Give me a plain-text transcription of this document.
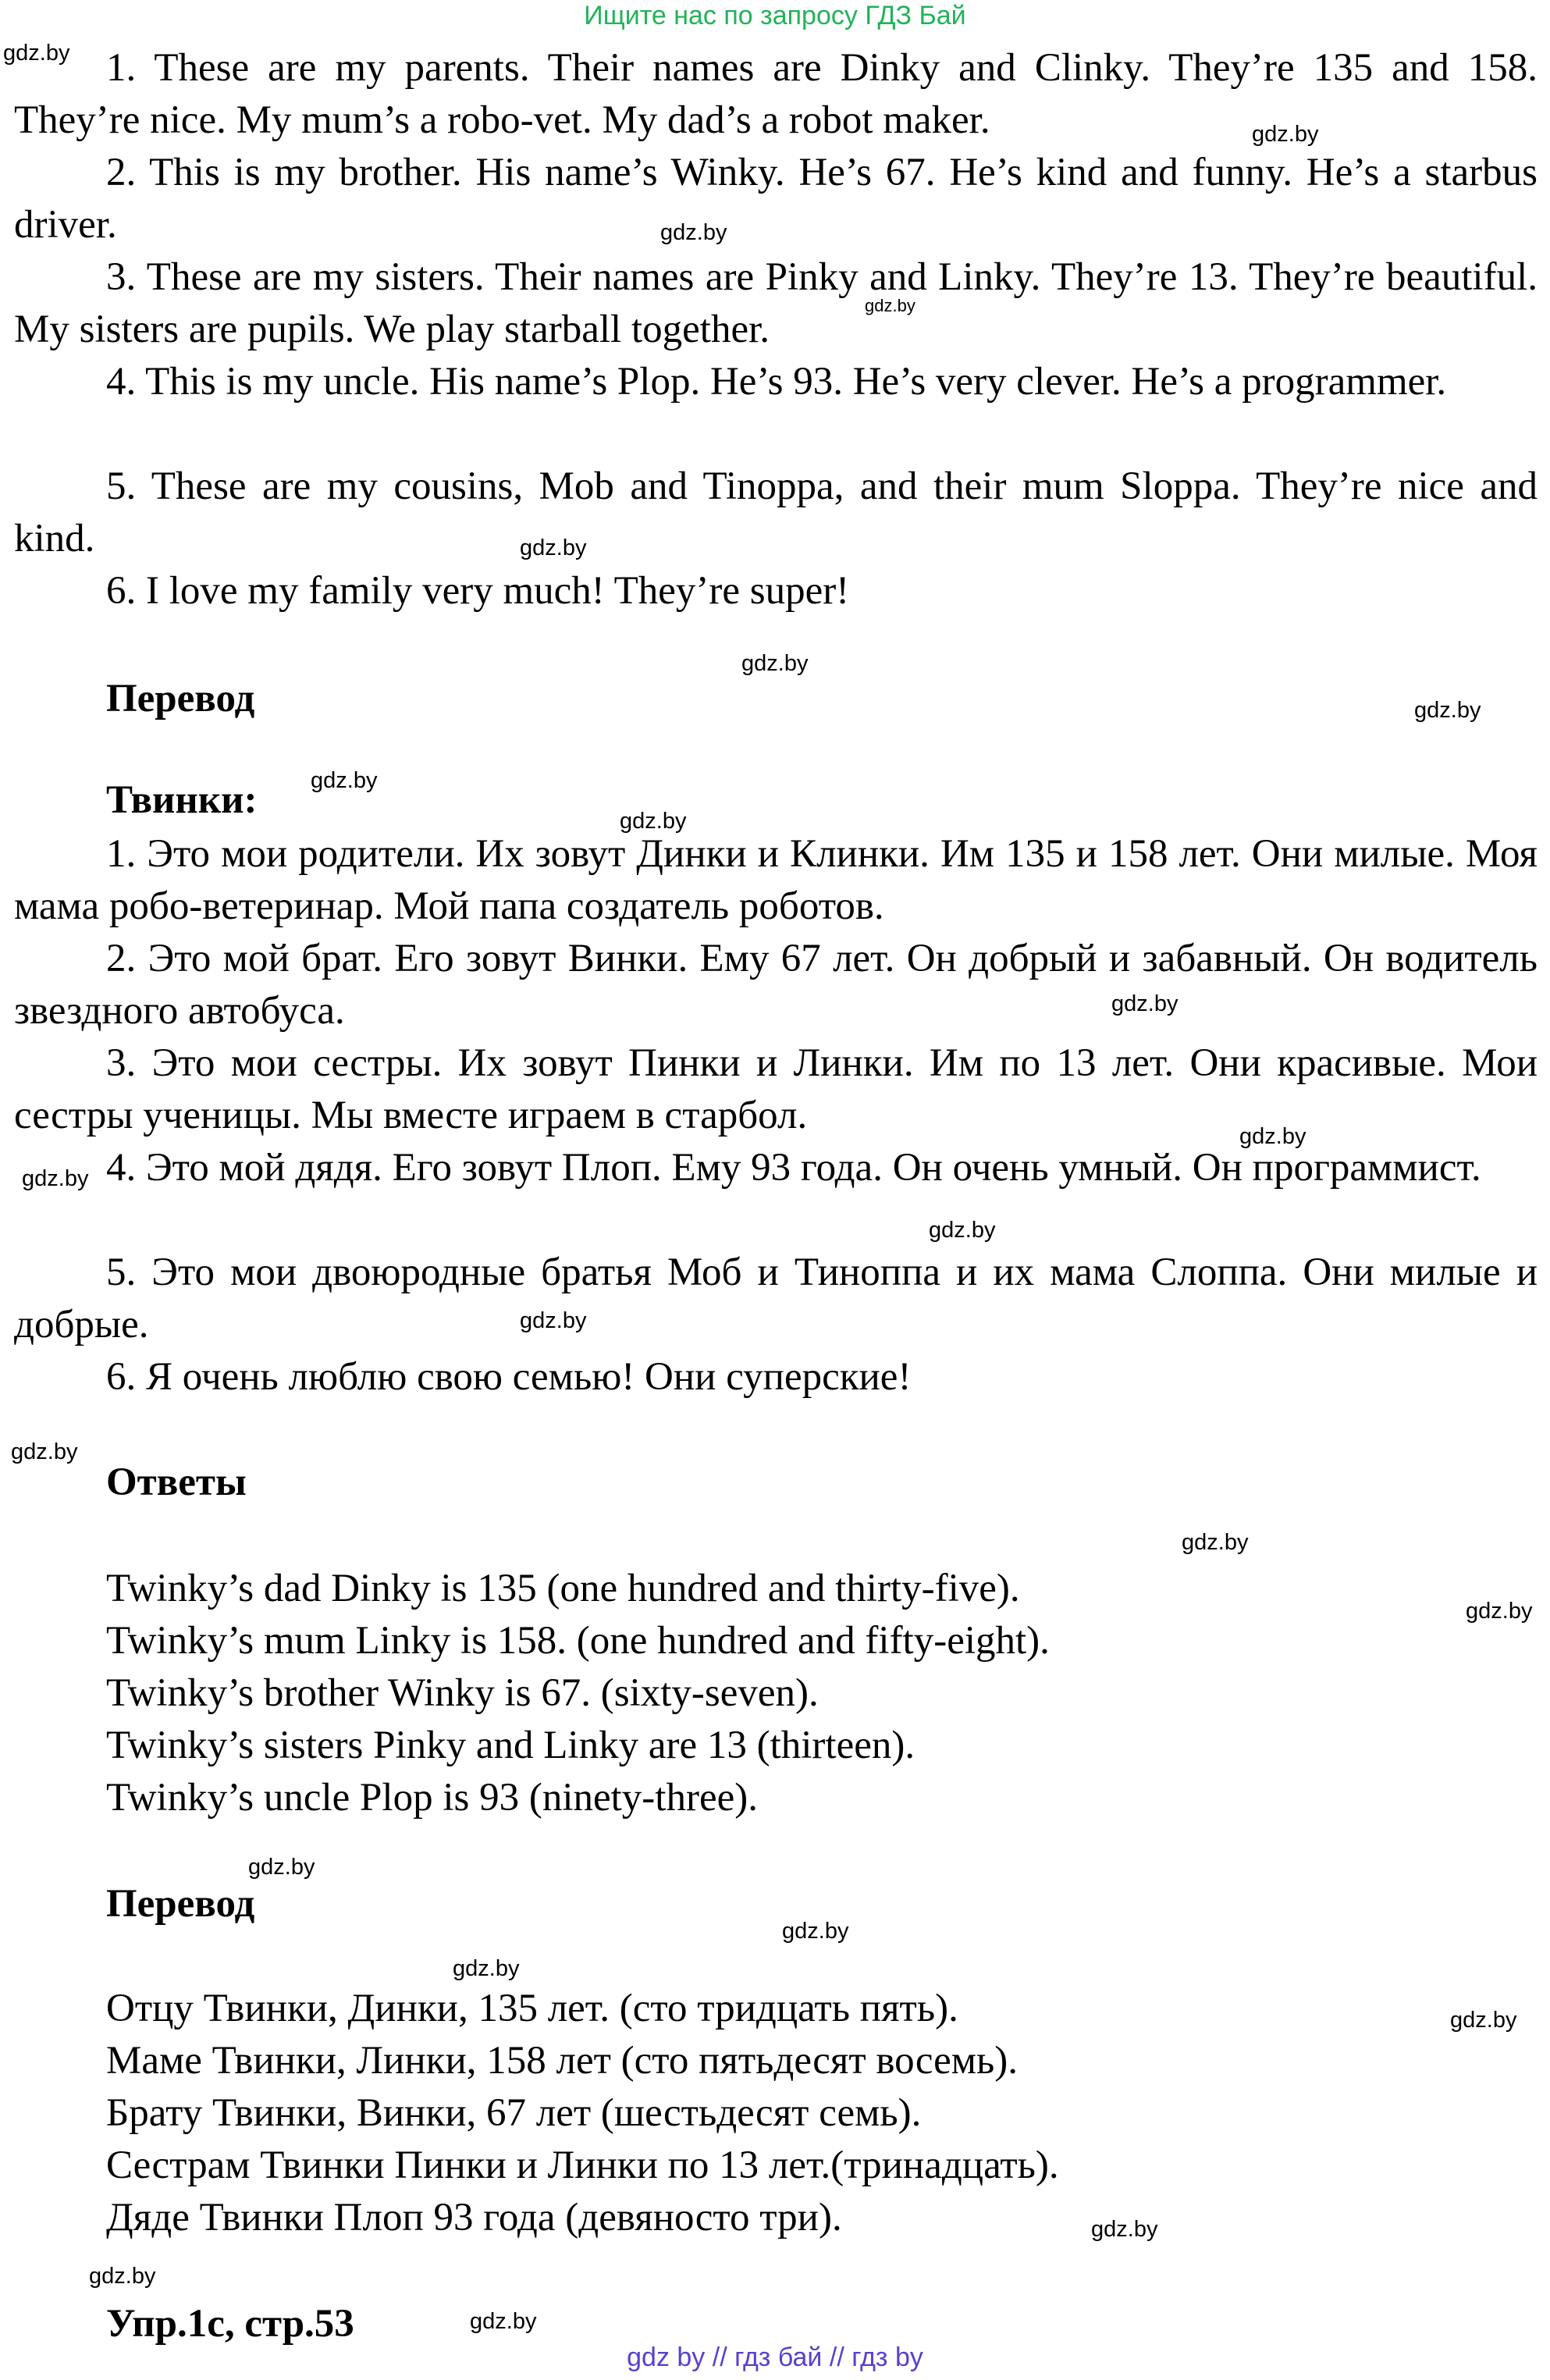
Ищите нас по запросу ГДЗ Бай

1. These are my parents. Their names are Dinky and Clinky. They’re 135 and 158. They’re nice. My mum’s a robo-vet. My dad’s a robot maker.

2. This is my brother. His name’s Winky. He’s 67. He’s kind and funny. He’s a starbus driver.

3. These are my sisters. Their names are Pinky and Linky. They’re 13. They’re beautiful. My sisters are pupils. We play starball together.

4. This is my uncle. His name’s Plop. He’s 93. He’s very clever. He’s a programmer.

5. These are my cousins, Mob and Tinoppa, and their mum Sloppa. They’re nice and kind.

6. I love my family very much! They’re super!

Перевод

Твинки:

1. Это мои родители. Их зовут Динки и Клинки. Им 135 и 158 лет. Они милые. Моя мама робо-ветеринар. Мой папа создатель роботов.

2. Это мой брат. Его зовут Винки. Ему 67 лет. Он добрый и забавный. Он водитель звездного автобуса.

3. Это мои сестры. Их зовут Пинки и Линки. Им по 13 лет. Они красивые. Мои сестры ученицы. Мы вместе играем в старбол.

4. Это мой дядя. Его зовут Плоп. Ему 93 года. Он очень умный. Он программист.

5. Это мои двоюродные братья Моб и Тиноппа и их мама Слоппа. Они милые и добрые.

6. Я очень люблю свою семью! Они суперские!

Ответы

Twinky’s dad Dinky is 135 (one hundred and thirty-five).

Twinky’s mum Linky is 158. (one hundred and fifty-eight).

Twinky’s brother Winky is 67. (sixty-seven).

Twinky’s sisters Pinky and Linky are 13 (thirteen).

Twinky’s uncle Plop is 93 (ninety-three).

Перевод

Отцу Твинки, Динки, 135 лет. (сто тридцать пять).

Маме Твинки, Линки, 158 лет (сто пятьдесят восемь).

Брату Твинки, Винки, 67 лет (шестьдесят семь).

Сестрам Твинки Пинки и Линки по 13 лет.(тринадцать).

Дяде Твинки Плоп 93 года (девяносто три).

Упр.1с, стр.53

gdz.by
gdz.by
gdz.by
gdz.by
gdz.by
gdz.by
gdz.by
gdz.by
gdz.by
gdz.by
gdz.by
gdz.by
gdz.by
gdz.by
gdz.by
gdz.by
gdz.by
gdz.by
gdz.by
gdz.by
gdz.by
gdz.by
gdz.by
gdz.by
gdz by // гдз бай // гдз by
